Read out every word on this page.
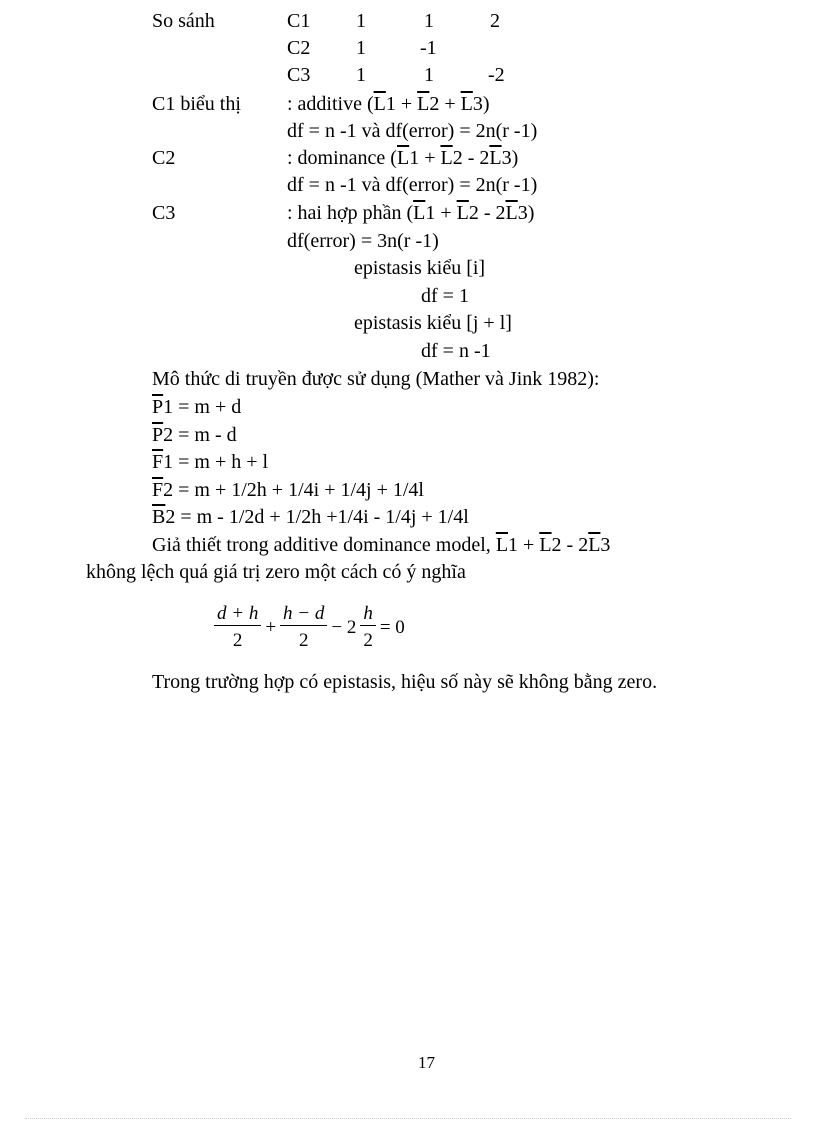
So sánh	C1 1	1	2
C2 1	-1
C3 1	1	-2
C1 biểu thị : additive $(\overline{L}1 + \overline{L}2 + \overline{L}3)$
df = n -1 và df(error) = 2n(r -1)
C2	: dominance $(\overline{L}1 + \overline{L}2 - 2\overline{L}3)$
df = n -1 và df(error) = 2n(r -1)
C3	: hai hợp phần $(\overline{L}1 + \overline{L}2 - 2\overline{L}3)$
df(error) = 3n(r -1)
epistasis kiểu [i]
df = 1
epistasis kiểu [j + l]
df = n -1
Mô thức di truyền được sử dụng (Mather và Jink 1982):
$\overline{P}1 = m + d$
$\overline{P}2 = m - d$
$\overline{F}1 = m + h + l$
$\overline{F}2 = m + 1/2h + 1/4i + 1/4j + 1/4l$
$\overline{B}2 = m - 1/2d + 1/2h +1/4i - 1/4j + 1/4l$
Giả thiết trong additive dominance model, $\overline{L}1 + \overline{L}2 - 2\overline{L}3$
không lệch quá giá trị zero một cách có ý nghĩa
$\frac{d + h}{2} + \frac{h - d}{2} - 2 \frac{h}{2} = 0$
Trong trường hợp có epistasis, hiệu số này sẽ không bằng zero.
17
